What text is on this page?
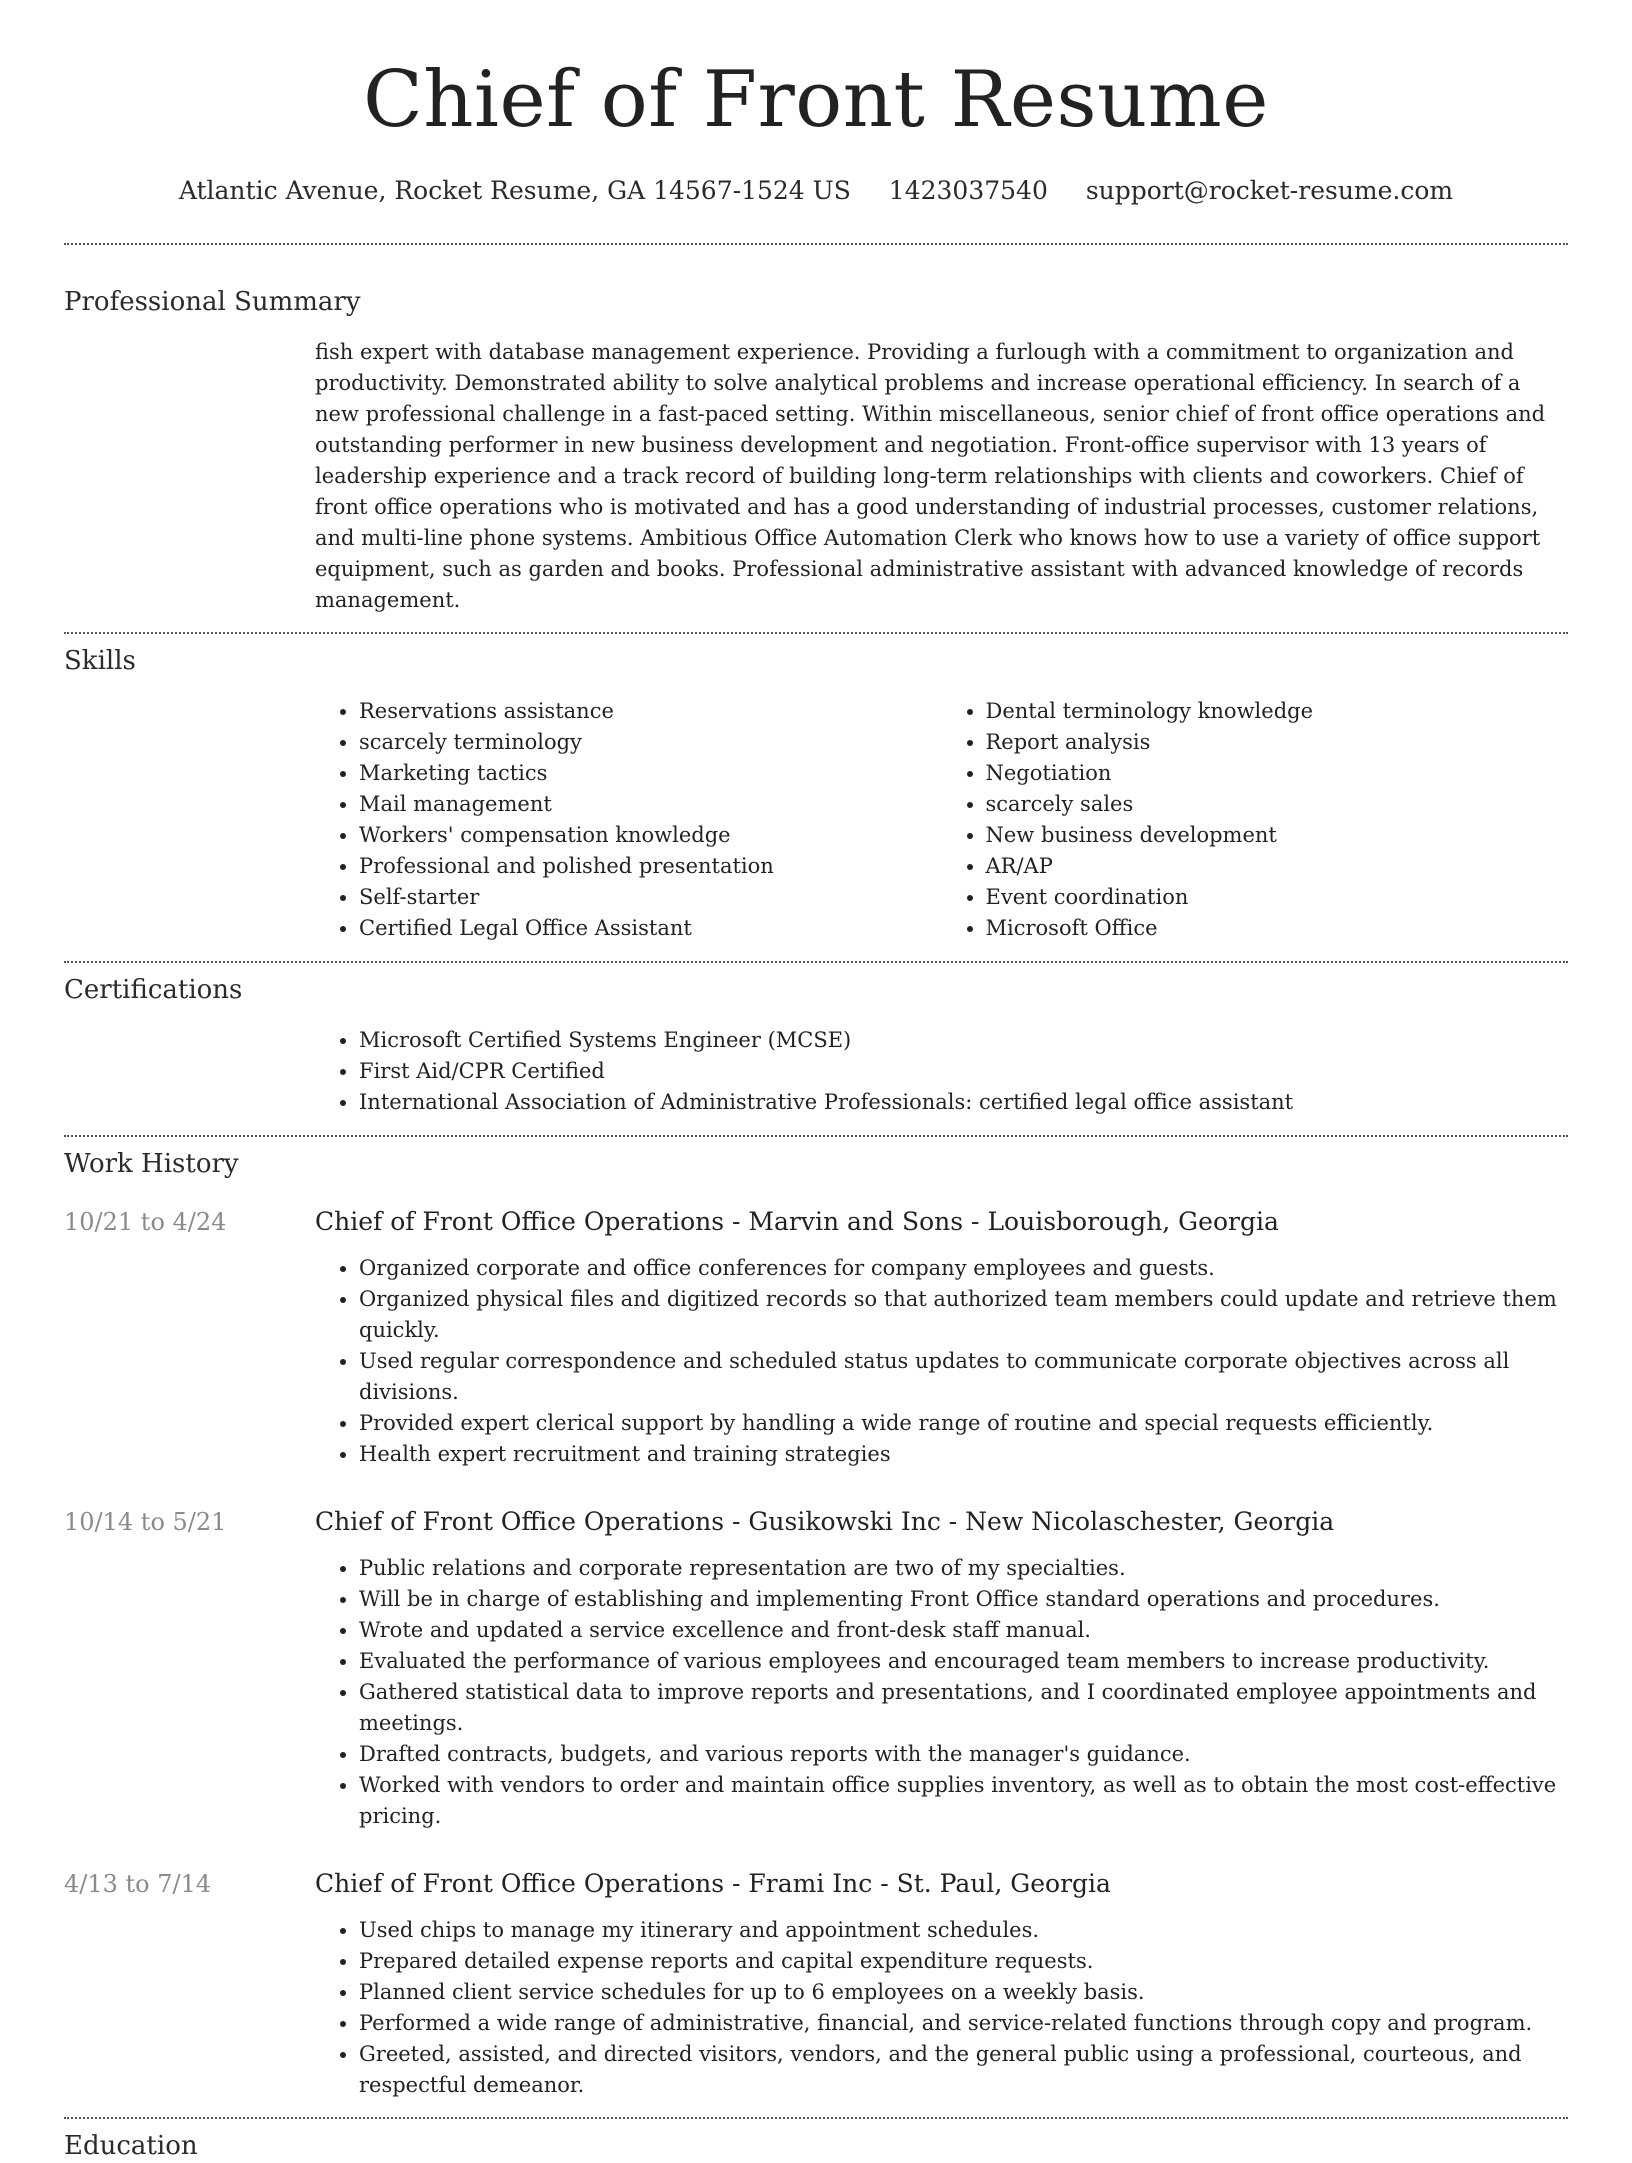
Chief of Front Resume
Atlantic Avenue, Rocket Resume, GA 14567-1524 US 1423037540 support@rocket-resume.com
Professional Summary

fish expert with database management experience. Providing a furlough with a commitment to organization and productivity. Demonstrated ability to solve analytical problems and increase operational efficiency. In search of a new professional challenge in a fast-paced setting. Within miscellaneous, senior chief of front office operations and outstanding performer in new business development and negotiation. Front-office supervisor with 13 years of leadership experience and a track record of building long-term relationships with clients and coworkers. Chief of front office operations who is motivated and has a good understanding of industrial processes, customer relations, and multi-line phone systems. Ambitious Office Automation Clerk who knows how to use a variety of office support equipment, such as garden and books. Professional administrative assistant with advanced knowledge of records management.

Skills
• Reservations assistance
• scarcely terminology
• Marketing tactics
• Mail management
• Workers' compensation knowledge
• Professional and polished presentation
• Self-starter
• Certified Legal Office Assistant
• Dental terminology knowledge
• Report analysis
• Negotiation
• scarcely sales
• New business development
• AR/AP
• Event coordination
• Microsoft Office
Certifications
• Microsoft Certified Systems Engineer (MCSE)
• First Aid/CPR Certified
• International Association of Administrative Professionals: certified legal office assistant
Work History
10/21 to 4/24	Chief of Front Office Operations - Marvin and Sons - Louisborough, Georgia
• Organized corporate and office conferences for company employees and guests.
• Organized physical files and digitized records so that authorized team members could update and retrieve them quickly.
• Used regular correspondence and scheduled status updates to communicate corporate objectives across all divisions.
• Provided expert clerical support by handling a wide range of routine and special requests efficiently.
• Health expert recruitment and training strategies
10/14 to 5/21	Chief of Front Office Operations - Gusikowski Inc - New Nicolaschester, Georgia
• Public relations and corporate representation are two of my specialties.
• Will be in charge of establishing and implementing Front Office standard operations and procedures.
• Wrote and updated a service excellence and front-desk staff manual.
• Evaluated the performance of various employees and encouraged team members to increase productivity.
• Gathered statistical data to improve reports and presentations, and I coordinated employee appointments and meetings.
• Drafted contracts, budgets, and various reports with the manager's guidance.
• Worked with vendors to order and maintain office supplies inventory, as well as to obtain the most cost-effective pricing.
4/13 to 7/14	Chief of Front Office Operations - Frami Inc - St. Paul, Georgia
• Used chips to manage my itinerary and appointment schedules.
• Prepared detailed expense reports and capital expenditure requests.
• Planned client service schedules for up to 6 employees on a weekly basis.
• Performed a wide range of administrative, financial, and service-related functions through copy and program.
• Greeted, assisted, and directed visitors, vendors, and the general public using a professional, courteous, and respectful demeanor.
Education
